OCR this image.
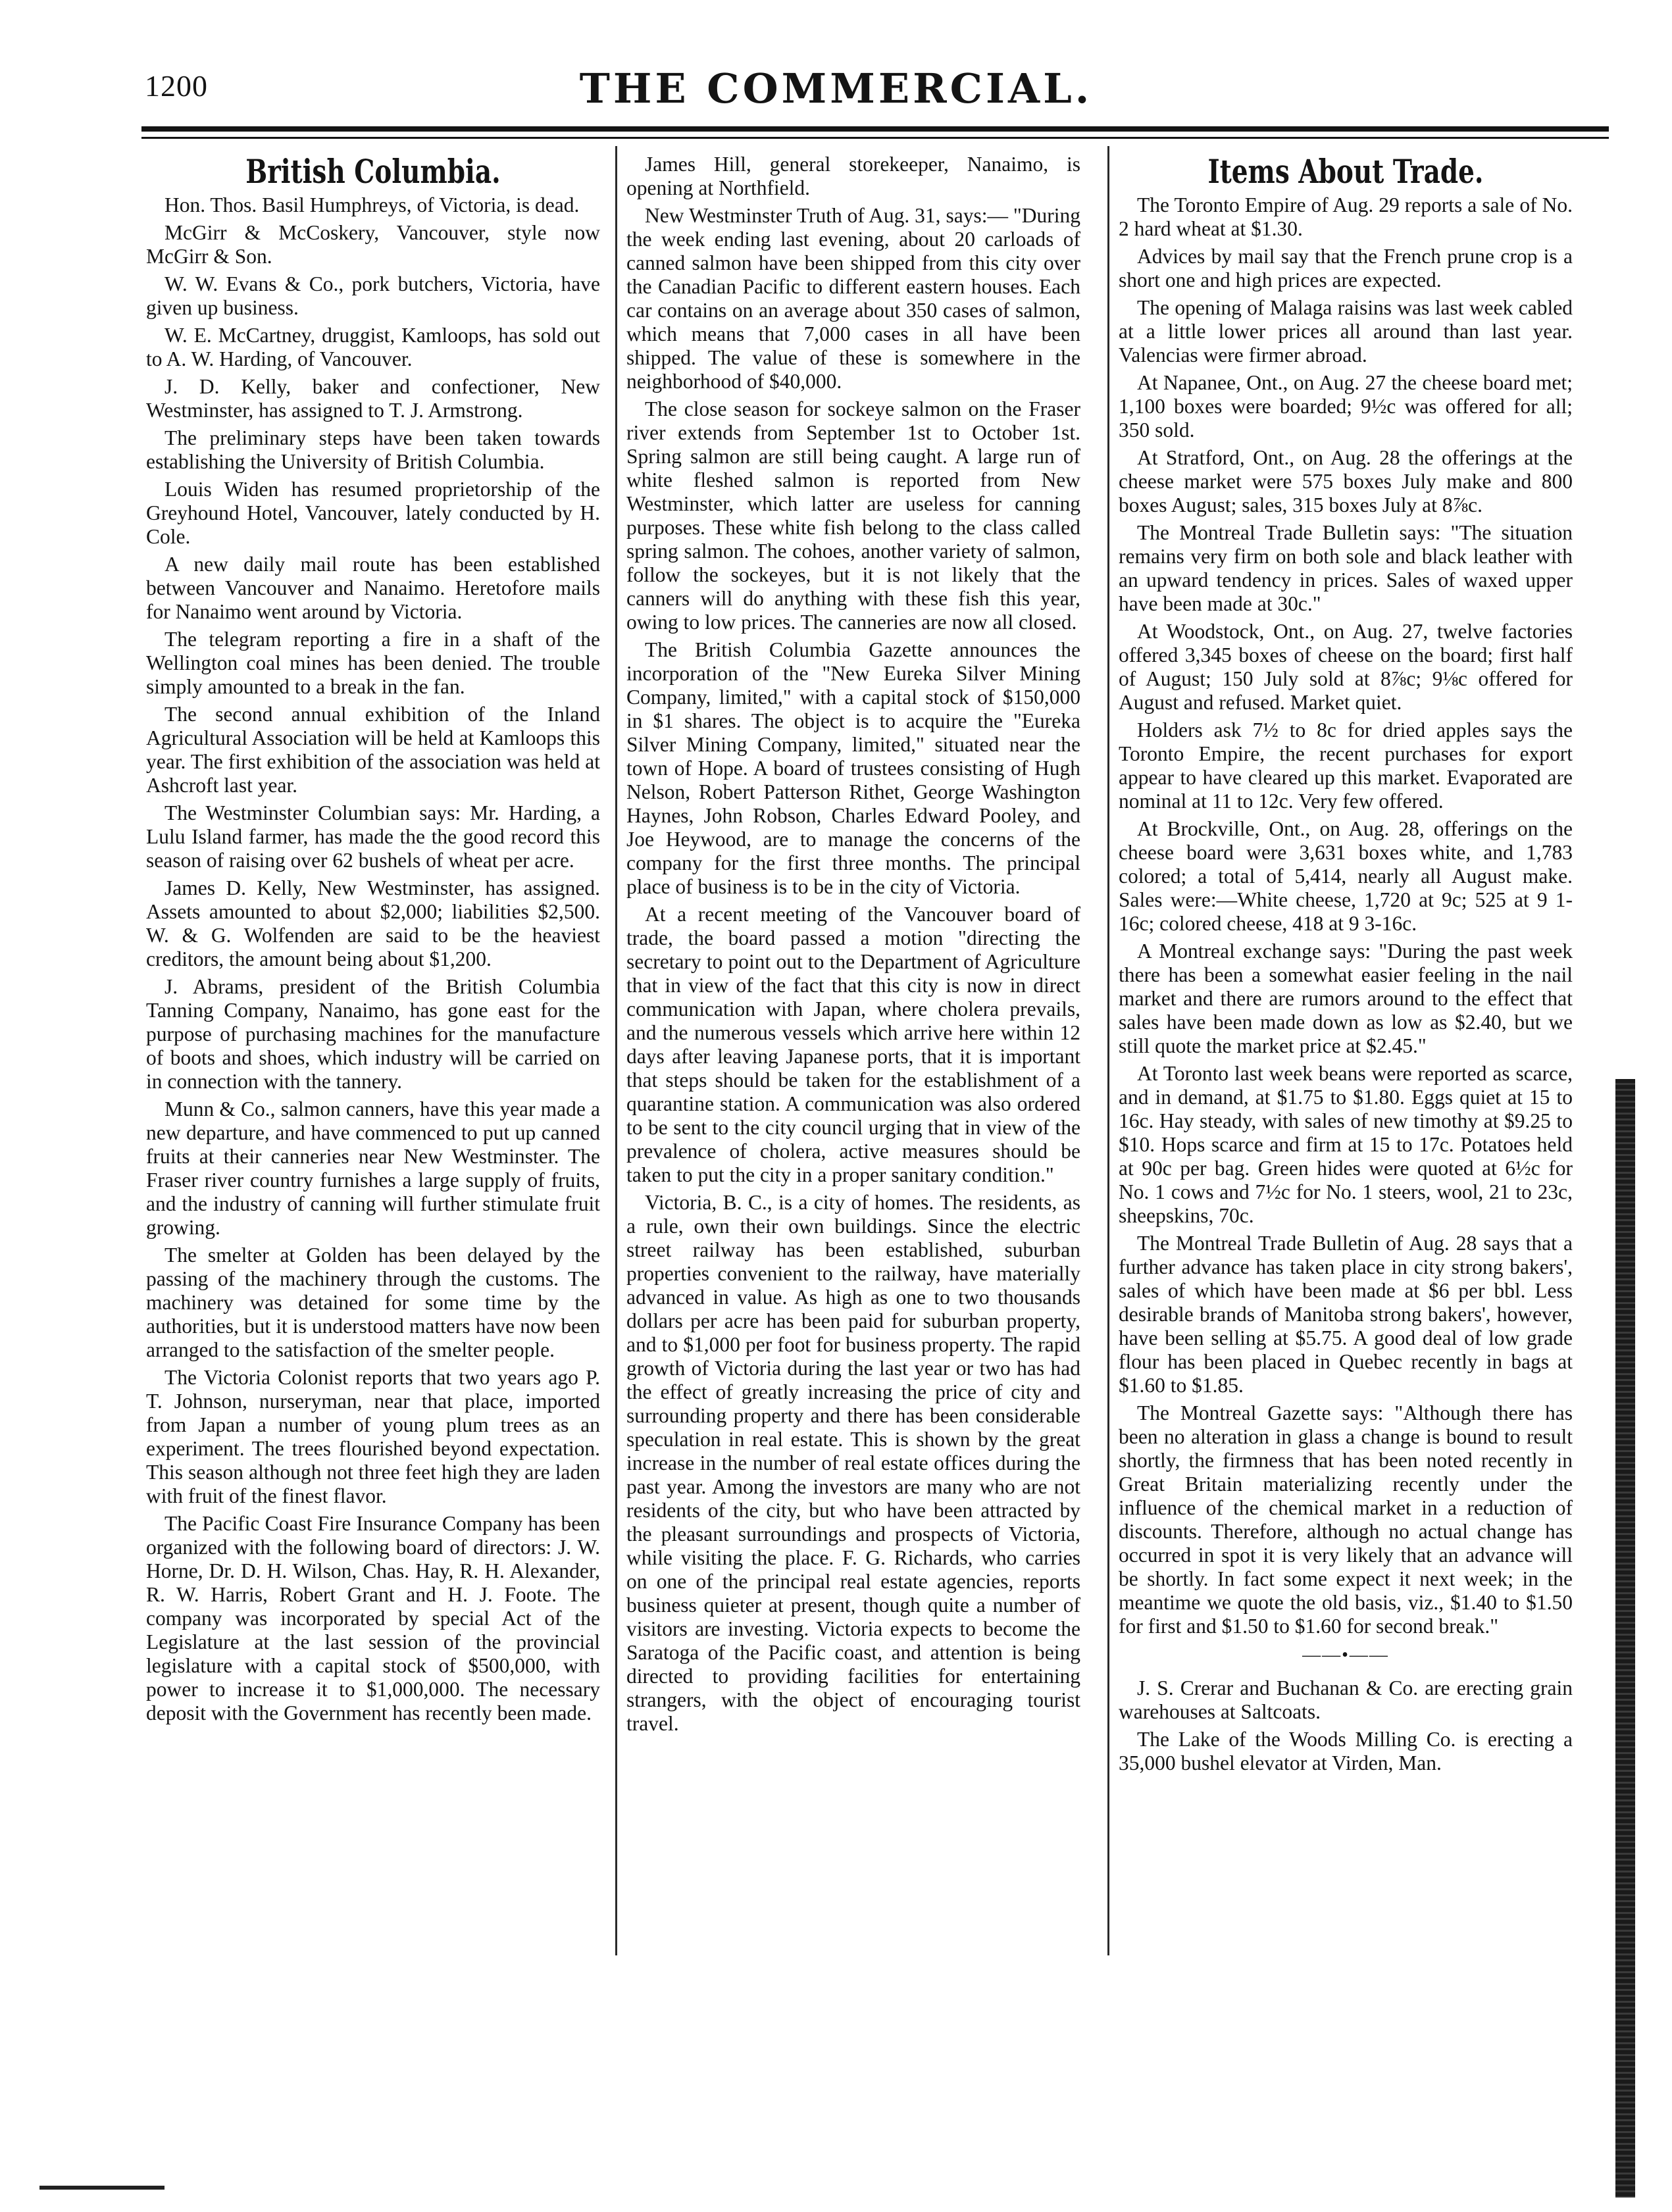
1200	THE COMMERCIAL.
British Columbia.

Hon. Thos. Basil Humphreys, of Victoria, is dead.

McGirr & McCoskery, Vancouver, style now McGirr & Son.

W. W. Evans & Co., pork butchers, Victoria, have given up business.

W. E. McCartney, druggist, Kamloops, has sold out to A. W. Harding, of Vancouver.

J. D. Kelly, baker and confectioner, New Westminster, has assigned to T. J. Armstrong.

The preliminary steps have been taken towards establishing the University of British Columbia.

Louis Widen has resumed proprietorship of the Greyhound Hotel, Vancouver, lately conducted by H. Cole.

A new daily mail route has been established between Vancouver and Nanaimo. Heretofore mails for Nanaimo went around by Victoria.

The telegram reporting a fire in a shaft of the Wellington coal mines has been denied. The trouble simply amounted to a break in the fan.

The second annual exhibition of the Inland Agricultural Association will be held at Kamloops this year. The first exhibition of the association was held at Ashcroft last year.

The Westminster Columbian says: Mr. Harding, a Lulu Island farmer, has made the the good record this season of raising over 62 bushels of wheat per acre.

James D. Kelly, New Westminster, has assigned. Assets amounted to about $2,000; liabilities $2,500. W. & G. Wolfenden are said to be the heaviest creditors, the amount being about $1,200.

J. Abrams, president of the British Columbia Tanning Company, Nanaimo, has gone east for the purpose of purchasing machines for the manufacture of boots and shoes, which industry will be carried on in connection with the tannery.

Munn & Co., salmon canners, have this year made a new departure, and have commenced to put up canned fruits at their canneries near New Westminster. The Fraser river country furnishes a large supply of fruits, and the industry of canning will further stimulate fruit growing.

The smelter at Golden has been delayed by the passing of the machinery through the customs. The machinery was detained for some time by the authorities, but it is understood matters have now been arranged to the satisfaction of the smelter people.

The Victoria Colonist reports that two years ago P. T. Johnson, nurseryman, near that place, imported from Japan a number of young plum trees as an experiment. The trees flourished beyond expectation. This season although not three feet high they are laden with fruit of the finest flavor.

The Pacific Coast Fire Insurance Company has been organized with the following board of directors: J. W. Horne, Dr. D. H. Wilson, Chas. Hay, R. H. Alexander, R. W. Harris, Robert Grant and H. J. Foote. The company was incorporated by special Act of the Legislature at the last session of the provincial legislature with a capital stock of $500,000, with power to increase it to $1,000,000. The necessary deposit with the Government has recently been made.

James Hill, general storekeeper, Nanaimo, is opening at Northfield.

New Westminster Truth of Aug. 31, says:— "During the week ending last evening, about 20 carloads of canned salmon have been shipped from this city over the Canadian Pacific to different eastern houses. Each car contains on an average about 350 cases of salmon, which means that 7,000 cases in all have been shipped. The value of these is somewhere in the neighborhood of $40,000.

The close season for sockeye salmon on the Fraser river extends from September 1st to October 1st. Spring salmon are still being caught. A large run of white fleshed salmon is reported from New Westminster, which latter are useless for canning purposes. These white fish belong to the class called spring salmon. The cohoes, another variety of salmon, follow the sockeyes, but it is not likely that the canners will do anything with these fish this year, owing to low prices. The canneries are now all closed.

The British Columbia Gazette announces the incorporation of the "New Eureka Silver Mining Company, limited," with a capital stock of $150,000 in $1 shares. The object is to acquire the "Eureka Silver Mining Company, limited," situated near the town of Hope. A board of trustees consisting of Hugh Nelson, Robert Patterson Rithet, George Washington Haynes, John Robson, Charles Edward Pooley, and Joe Heywood, are to manage the concerns of the company for the first three months. The principal place of business is to be in the city of Victoria.

At a recent meeting of the Vancouver board of trade, the board passed a motion "directing the secretary to point out to the Department of Agriculture that in view of the fact that this city is now in direct communication with Japan, where cholera prevails, and the numerous vessels which arrive here within 12 days after leaving Japanese ports, that it is important that steps should be taken for the establishment of a quarantine station. A communication was also ordered to be sent to the city council urging that in view of the prevalence of cholera, active measures should be taken to put the city in a proper sanitary condition."

Victoria, B. C., is a city of homes. The residents, as a rule, own their own buildings. Since the electric street railway has been established, suburban properties convenient to the railway, have materially advanced in value. As high as one to two thousands dollars per acre has been paid for suburban property, and to $1,000 per foot for business property. The rapid growth of Victoria during the last year or two has had the effect of greatly increasing the price of city and surrounding property and there has been considerable speculation in real estate. This is shown by the great increase in the number of real estate offices during the past year. Among the investors are many who are not residents of the city, but who have been attracted by the pleasant surroundings and prospects of Victoria, while visiting the place. F. G. Richards, who carries on one of the principal real estate agencies, reports business quieter at present, though quite a number of visitors are investing. Victoria expects to become the Saratoga of the Pacific coast, and attention is being directed to providing facilities for entertaining strangers, with the object of encouraging tourist travel.

Items About Trade.

The Toronto Empire of Aug. 29 reports a sale of No. 2 hard wheat at $1.30.

Advices by mail say that the French prune crop is a short one and high prices are expected.

The opening of Malaga raisins was last week cabled at a little lower prices all around than last year. Valencias were firmer abroad.

At Napanee, Ont., on Aug. 27 the cheese board met; 1,100 boxes were boarded; 9½c was offered for all; 350 sold.

At Stratford, Ont., on Aug. 28 the offerings at the cheese market were 575 boxes July make and 800 boxes August; sales, 315 boxes July at 8⅞c.

The Montreal Trade Bulletin says: "The situation remains very firm on both sole and black leather with an upward tendency in prices. Sales of waxed upper have been made at 30c."

At Woodstock, Ont., on Aug. 27, twelve factories offered 3,345 boxes of cheese on the board; first half of August; 150 July sold at 8⅞c; 9⅛c offered for August and refused. Market quiet.

Holders ask 7½ to 8c for dried apples says the Toronto Empire, the recent purchases for export appear to have cleared up this market. Evaporated are nominal at 11 to 12c. Very few offered.

At Brockville, Ont., on Aug. 28, offerings on the cheese board were 3,631 boxes white, and 1,783 colored; a total of 5,414, nearly all August make. Sales were:—White cheese, 1,720 at 9c; 525 at 9 1-16c; colored cheese, 418 at 9 3-16c.

A Montreal exchange says: "During the past week there has been a somewhat easier feeling in the nail market and there are rumors around to the effect that sales have been made down as low as $2.40, but we still quote the market price at $2.45."

At Toronto last week beans were reported as scarce, and in demand, at $1.75 to $1.80. Eggs quiet at 15 to 16c. Hay steady, with sales of new timothy at $9.25 to $10. Hops scarce and firm at 15 to 17c. Potatoes held at 90c per bag. Green hides were quoted at 6½c for No. 1 cows and 7½c for No. 1 steers, wool, 21 to 23c, sheepskins, 70c.

The Montreal Trade Bulletin of Aug. 28 says that a further advance has taken place in city strong bakers', sales of which have been made at $6 per bbl. Less desirable brands of Manitoba strong bakers', however, have been selling at $5.75. A good deal of low grade flour has been placed in Quebec recently in bags at $1.60 to $1.85.

The Montreal Gazette says: "Although there has been no alteration in glass a change is bound to result shortly, the firmness that has been noted recently in Great Britain materializing recently under the influence of the chemical market in a reduction of discounts. Therefore, although no actual change has occurred in spot it is very likely that an advance will be shortly. In fact some expect it next week; in the meantime we quote the old basis, viz., $1.40 to $1.50 for first and $1.50 to $1.60 for second break."

——•——

J. S. Crerar and Buchanan & Co. are erecting grain warehouses at Saltcoats.

The Lake of the Woods Milling Co. is erecting a 35,000 bushel elevator at Virden, Man.
